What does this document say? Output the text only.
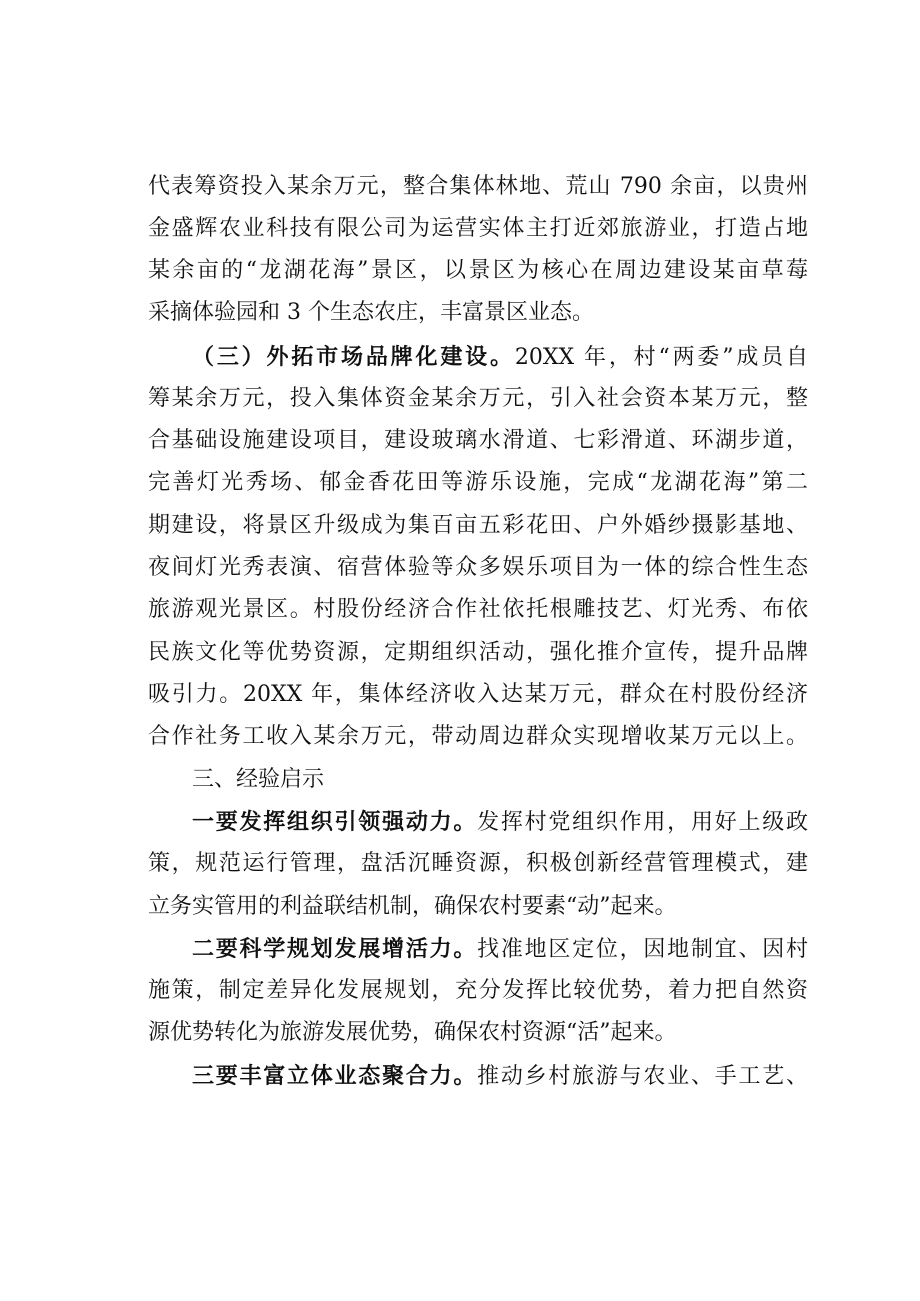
代表筹资投入某余万元，整合集体林地、荒山 790 余亩，以贵州
金盛辉农业科技有限公司为运营实体主打近郊旅游业，打造占地
某余亩的“龙湖花海”景区，以景区为核心在周边建设某亩草莓
采摘体验园和 3 个生态农庄，丰富景区业态。
（三）外拓市场品牌化建设。20XX 年，村“两委”成员自
筹某余万元，投入集体资金某余万元，引入社会资本某万元，整
合基础设施建设项目，建设玻璃水滑道、七彩滑道、环湖步道，
完善灯光秀场、郁金香花田等游乐设施，完成“龙湖花海”第二
期建设，将景区升级成为集百亩五彩花田、户外婚纱摄影基地、
夜间灯光秀表演、宿营体验等众多娱乐项目为一体的综合性生态
旅游观光景区。村股份经济合作社依托根雕技艺、灯光秀、布依
民族文化等优势资源，定期组织活动，强化推介宣传，提升品牌
吸引力。20XX 年，集体经济收入达某万元，群众在村股份经济
合作社务工收入某余万元，带动周边群众实现增收某万元以上。
三、经验启示
一要发挥组织引领强动力。发挥村党组织作用，用好上级政
策，规范运行管理，盘活沉睡资源，积极创新经营管理模式，建
立务实管用的利益联结机制，确保农村要素“动”起来。
二要科学规划发展增活力。找准地区定位，因地制宜、因村
施策，制定差异化发展规划，充分发挥比较优势，着力把自然资
源优势转化为旅游发展优势，确保农村资源“活”起来。
三要丰富立体业态聚合力。推动乡村旅游与农业、手工艺、
